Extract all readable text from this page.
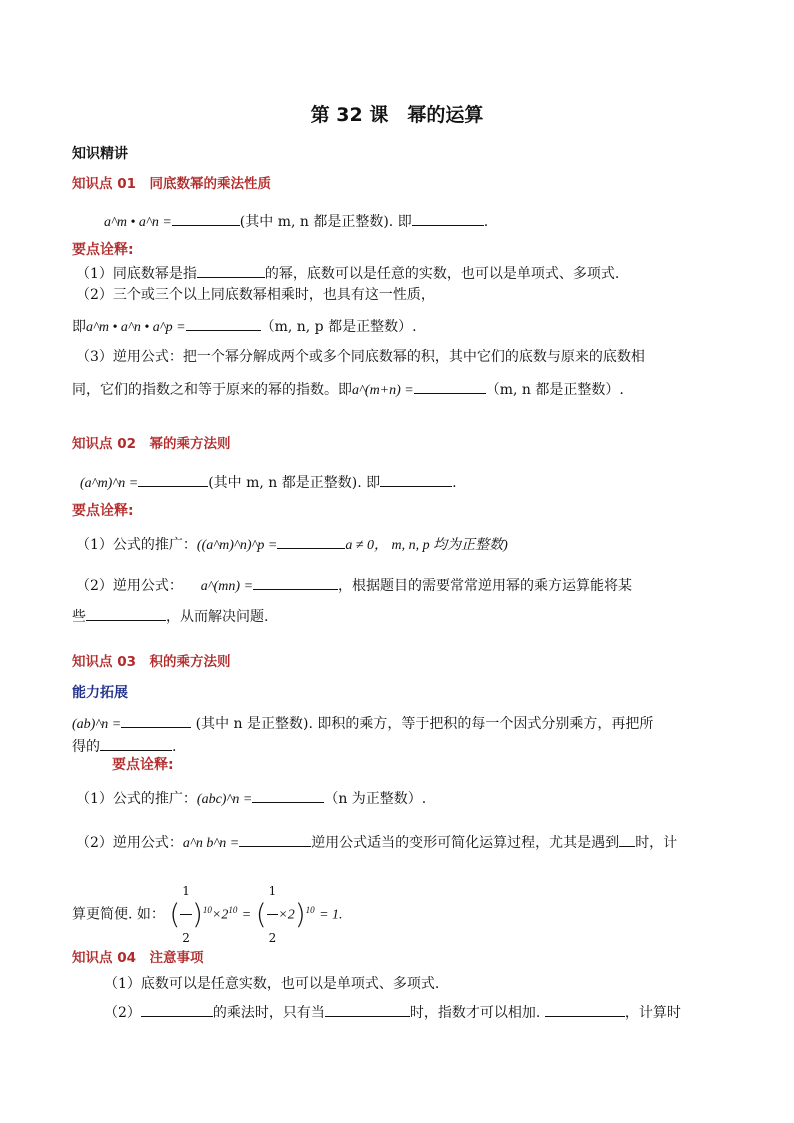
第 32 课　幂的运算
知识精讲
知识点 01　同底数幂的乘法性质
a^m • a^n =	(其中 m, n 都是正整数). 即	.
要点诠释:
（1）同底数幂是指	的幂，底数可以是任意的实数，也可以是单项式、多项式.
（2）三个或三个以上同底数幂相乘时，也具有这一性质，
即a^m • a^n • a^p =	（m, n, p 都是正整数）.
（3）逆用公式：把一个幂分解成两个或多个同底数幂的积，其中它们的底数与原来的底数相
同，它们的指数之和等于原来的幂的指数。即a^(m+n) =	（m, n 都是正整数）.
知识点 02　幂的乘方法则
(a^m)^n =	(其中 m, n 都是正整数). 即	.
要点诠释:
（1）公式的推广：((a^m)^n)^p =	a ≠ 0， m, n, p 均为正整数)
（2）逆用公式： a^(mn) =	，根据题目的需要常常逆用幂的乘方运算能将某
些	，从而解决问题.
知识点 03　积的乘方法则
能力拓展
(ab)^n =	(其中 n 是正整数). 即积的乘方，等于把积的每一个因式分别乘方，再把所
得的	.
要点诠释:
（1）公式的推广：(abc)^n =	（n 为正整数）.
（2）逆用公式：a^n b^n =	逆用公式适当的变形可简化运算过程，尤其是遇到 时，计
算更简便. 如： ( $\frac{1}{2} )^{10}\times 2^{10}$ = ( $\frac{1}{2} \times 2)^{10} = 1$.
知识点 04　注意事项
（1）底数可以是任意实数，也可以是单项式、多项式.
（2）	的乘法时，只有当	时，指数才可以相加.	，计算时
